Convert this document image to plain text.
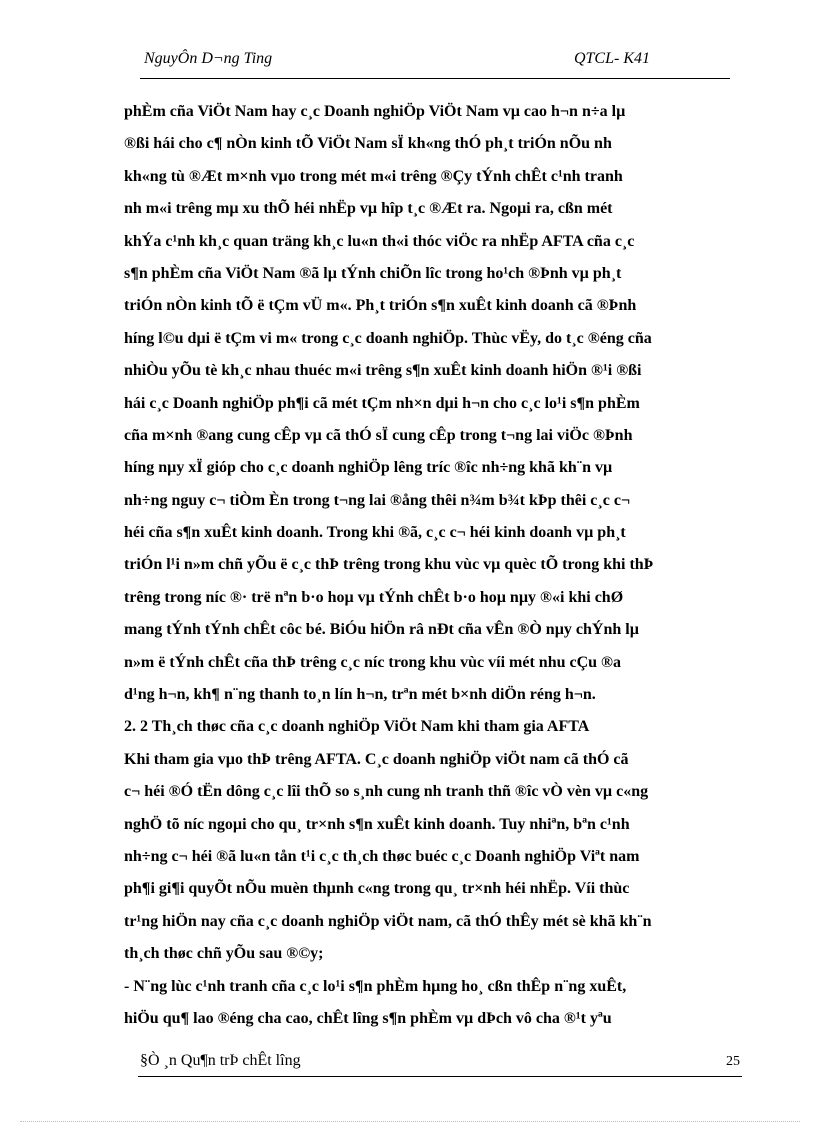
NguyÔn D¬ng Ting	QTCL- K41
phÈm cña ViÖt Nam hay c¸c Doanh nghiÖp ViÖt Nam vµ cao h¬n n÷a lµ
®ßi hái cho c¶ nÒn kinh tÕ ViÖt Nam sÏ kh«ng thÓ ph¸t triÓn nÕu nh
kh«ng tù ®Æt m×nh vµo trong mét m«i trêng ®Çy tÝnh chÊt c¹nh tranh
nh m«i trêng mµ xu thÕ héi nhËp vµ hîp t¸c ®Æt ra. Ngoµi ra, cßn mét
khÝa c¹nh kh¸c quan träng kh¸c lu«n th«i thóc viÖc ra nhËp AFTA cña c¸c
s¶n phÈm cña ViÖt Nam ®ã lµ tÝnh chiÕn lîc trong ho¹ch ®Þnh vµ ph¸t
triÓn nÒn kinh tÕ ë tÇm vÜ m«. Ph¸t triÓn s¶n xuÊt kinh doanh cã ®Þnh
híng l©u dµi ë tÇm vi m« trong c¸c doanh nghiÖp. Thùc vËy, do t¸c ®éng cña
nhiÒu yÕu tè kh¸c nhau thuéc m«i trêng s¶n xuÊt kinh doanh hiÖn ®¹i ®ßi
hái c¸c Doanh nghiÖp ph¶i cã mét tÇm nh×n dµi h¬n cho c¸c lo¹i s¶n phÈm
cña m×nh ®ang cung cÊp vµ cã thÓ sÏ cung cÊp trong t¬ng lai viÖc ®Þnh
híng nµy xÏ gióp cho c¸c doanh nghiÖp lêng tríc ®îc nh÷ng khã kh¨n vµ
nh÷ng nguy c¬ tiÒm Èn trong t¬ng lai ®ång thêi n¾m b¾t kÞp thêi c¸c c¬
héi cña s¶n xuÊt kinh doanh. Trong khi ®ã, c¸c c¬ héi kinh doanh vµ ph¸t
triÓn l¹i n»m chñ yÕu ë c¸c thÞ trêng trong khu vùc vµ quèc tÕ trong khi thÞ
trêng trong níc ®· trë nªn b·o hoµ vµ tÝnh chÊt b·o hoµ nµy ®«i khi chØ
mang tÝnh tÝnh chÊt côc bé. BiÓu hiÖn râ nÐt cña vÊn ®Ò nµy chÝnh lµ
n»m ë tÝnh chÊt cña thÞ trêng c¸c níc trong khu vùc víi mét nhu cÇu ®a
d¹ng h¬n, kh¶ n¨ng thanh to¸n lín h¬n, trªn mét b×nh diÖn réng h¬n.
2. 2 Th¸ch thøc cña c¸c doanh nghiÖp ViÖt Nam khi tham gia AFTA
Khi tham gia vµo thÞ trêng AFTA. C¸c doanh nghiÖp viÖt nam cã thÓ cã
c¬ héi ®Ó tËn dông c¸c lîi thÕ so s¸nh cung nh tranh thñ ®îc vÒ vèn vµ c«ng
nghÖ tõ níc ngoµi cho qu¸ tr×nh s¶n xuÊt kinh doanh. Tuy nhiªn, bªn c¹nh
nh÷ng c¬ héi ®ã lu«n tån t¹i c¸c th¸ch thøc buéc c¸c Doanh nghiÖp Viªt nam
ph¶i gi¶i quyÕt nÕu muèn thµnh c«ng trong qu¸ tr×nh héi nhËp. Víi thùc
tr¹ng hiÖn nay cña c¸c doanh nghiÖp viÖt nam, cã thÓ thÊy mét sè khã kh¨n
th¸ch thøc chñ yÕu sau ®©y;
- N¨ng lùc c¹nh tranh cña c¸c lo¹i s¶n phÈm hµng ho¸ cßn thÊp n¨ng xuÊt,
hiÖu qu¶ lao ®éng cha cao, chÊt lîng s¶n phÈm vµ dÞch vô cha ®¹t yªu
§Ò ¸n Qu¶n trÞ chÊt lîng	25
